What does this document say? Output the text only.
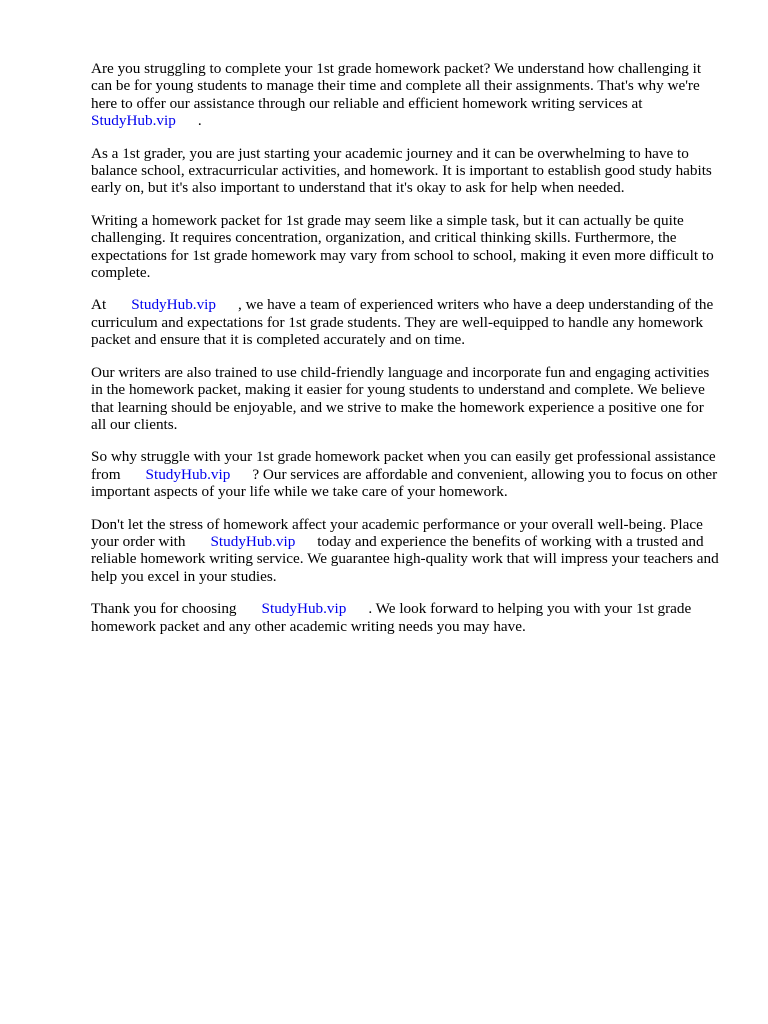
Are you struggling to complete your 1st grade homework packet? We understand how challenging it can be for young students to manage their time and complete all their assignments. That's why we're here to offer our assistance through our reliable and efficient homework writing services at
StudyHub.vip .

As a 1st grader, you are just starting your academic journey and it can be overwhelming to have to balance school, extracurricular activities, and homework. It is important to establish good study habits early on, but it's also important to understand that it's okay to ask for help when needed.

Writing a homework packet for 1st grade may seem like a simple task, but it can actually be quite challenging. It requires concentration, organization, and critical thinking skills. Furthermore, the expectations for 1st grade homework may vary from school to school, making it even more difficult to complete.

At StudyHub.vip , we have a team of experienced writers who have a deep understanding of the curriculum and expectations for 1st grade students. They are well-equipped to handle any homework packet and ensure that it is completed accurately and on time.

Our writers are also trained to use child-friendly language and incorporate fun and engaging activities in the homework packet, making it easier for young students to understand and complete. We believe that learning should be enjoyable, and we strive to make the homework experience a positive one for all our clients.

So why struggle with your 1st grade homework packet when you can easily get professional assistance from StudyHub.vip ? Our services are affordable and convenient, allowing you to focus on other important aspects of your life while we take care of your homework.

Don't let the stress of homework affect your academic performance or your overall well-being. Place your order with StudyHub.vip today and experience the benefits of working with a trusted and reliable homework writing service. We guarantee high-quality work that will impress your teachers and help you excel in your studies.

Thank you for choosing StudyHub.vip . We look forward to helping you with your 1st grade homework packet and any other academic writing needs you may have.
